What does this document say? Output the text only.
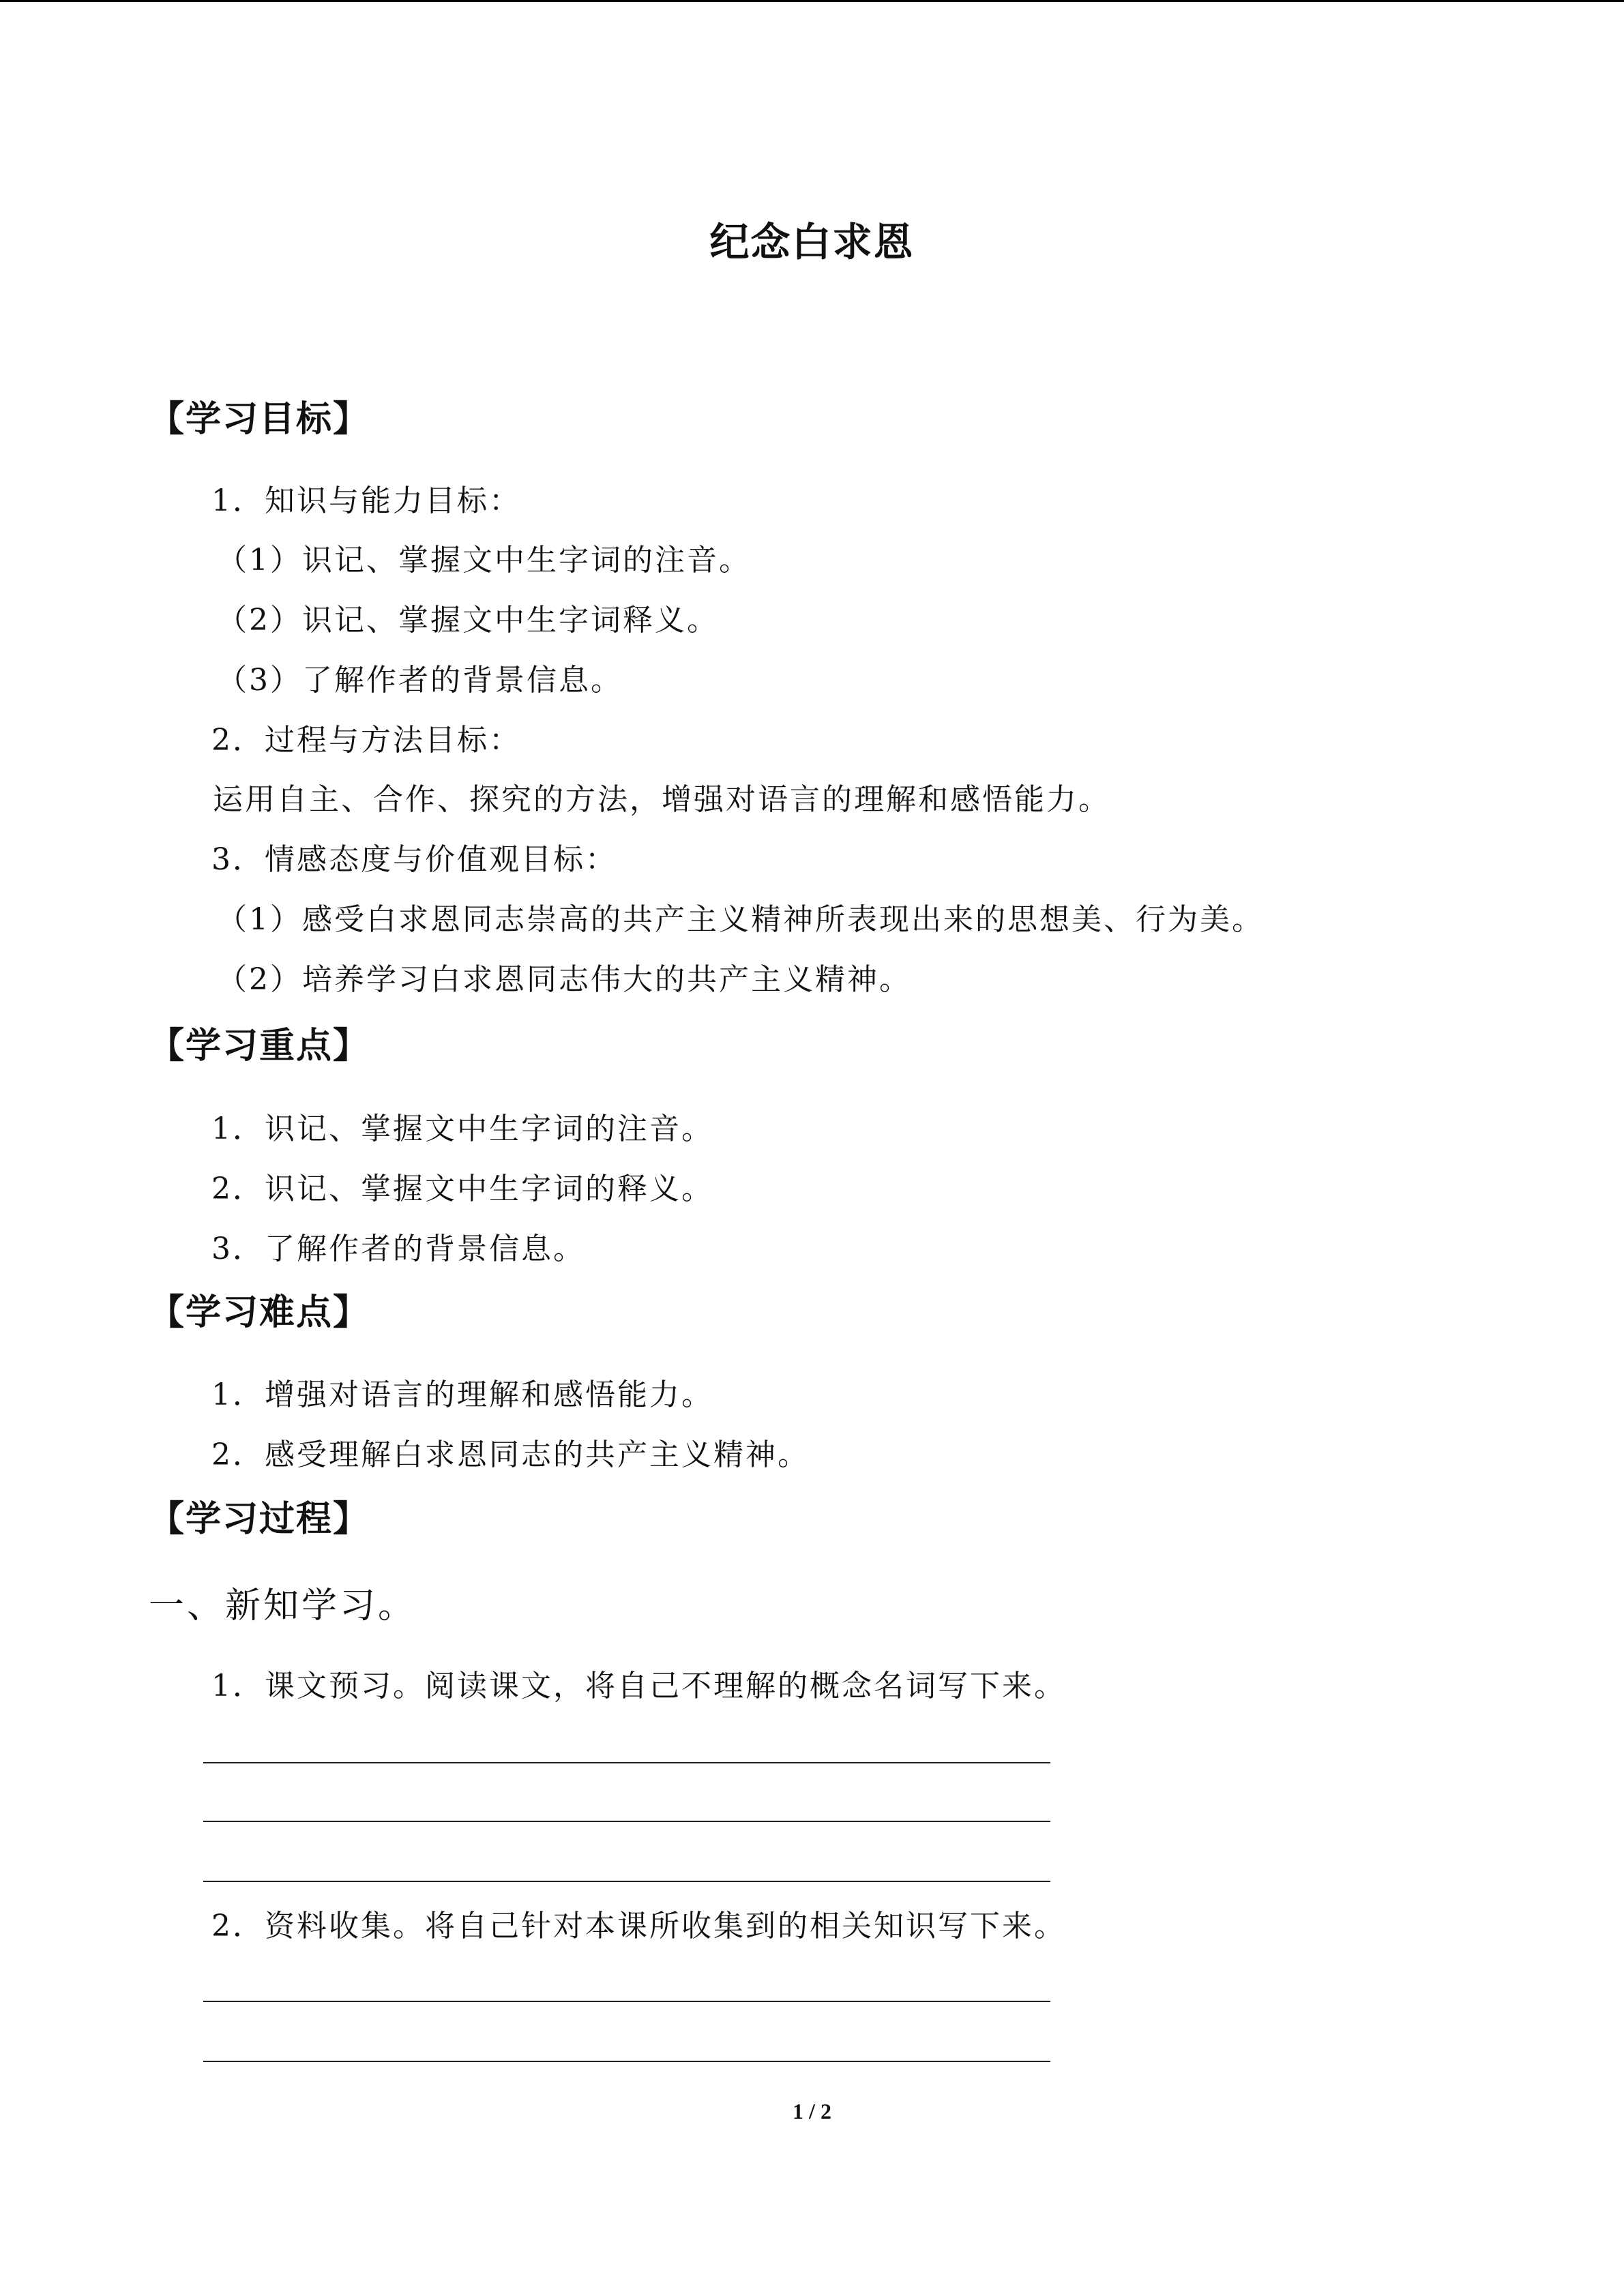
纪念白求恩
【学习目标】
1．知识与能力目标：
（1）识记、掌握文中生字词的注音。
（2）识记、掌握文中生字词释义。
（3）了解作者的背景信息。
2．过程与方法目标：
运用自主、合作、探究的方法，增强对语言的理解和感悟能力。
3．情感态度与价值观目标：
（1）感受白求恩同志崇高的共产主义精神所表现出来的思想美、行为美。
（2）培养学习白求恩同志伟大的共产主义精神。
【学习重点】
1．识记、掌握文中生字词的注音。
2．识记、掌握文中生字词的释义。
3．了解作者的背景信息。
【学习难点】
1．增强对语言的理解和感悟能力。
2．感受理解白求恩同志的共产主义精神。
【学习过程】
一、新知学习。
1．课文预习。阅读课文，将自己不理解的概念名词写下来。
2．资料收集。将自己针对本课所收集到的相关知识写下来。
1 / 2
